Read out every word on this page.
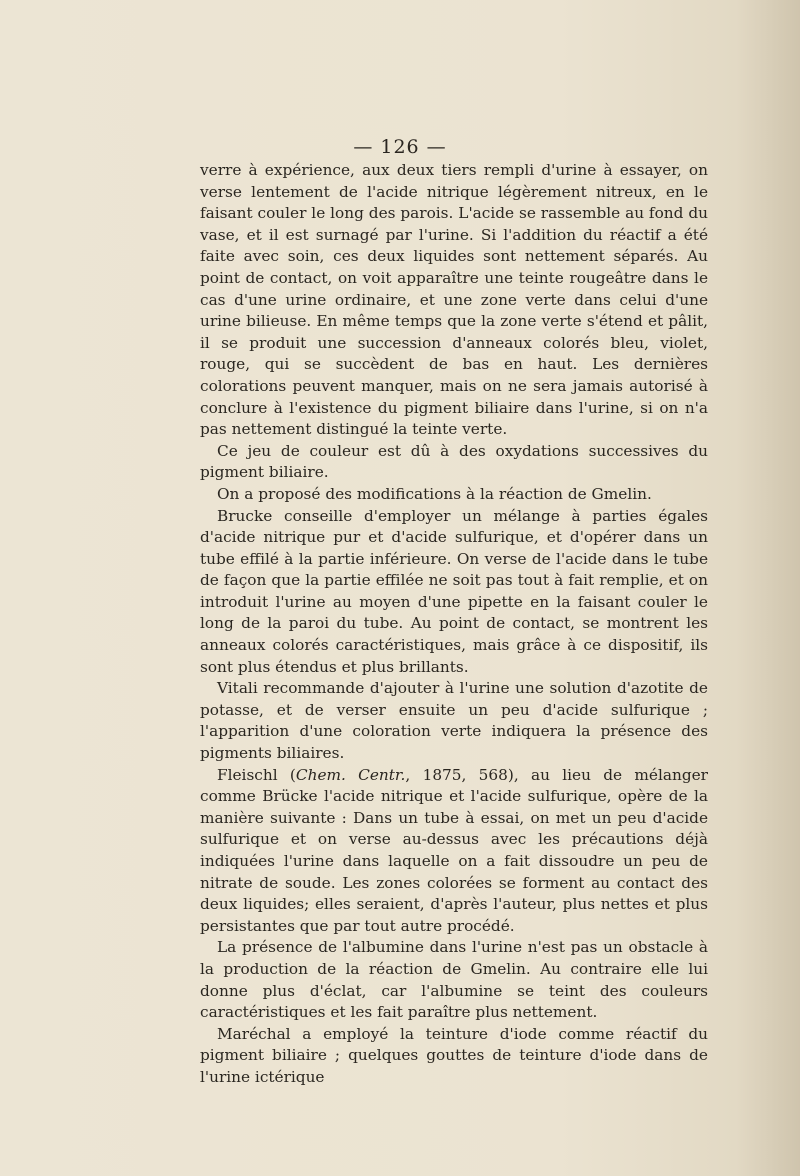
— 126 —

verre à expérience, aux deux tiers rempli d'urine à essayer, on verse lentement de l'acide nitrique légèrement nitreux, en le faisant couler le long des parois. L'acide se rassemble au fond du vase, et il est surnagé par l'urine. Si l'addition du réactif a été faite avec soin, ces deux liquides sont nettement séparés. Au point de contact, on voit apparaître une teinte rougeâtre dans le cas d'une urine ordinaire, et une zone verte dans celui d'une urine bilieuse. En même temps que la zone verte s'étend et pâlit, il se produit une succession d'anneaux colorés bleu, violet, rouge, qui se succèdent de bas en haut. Les dernières colorations peuvent manquer, mais on ne sera jamais autorisé à conclure à l'existence du pigment biliaire dans l'urine, si on n'a pas nettement distingué la teinte verte.

Ce jeu de couleur est dû à des oxydations successives du pigment biliaire.

On a proposé des modifications à la réaction de Gmelin.

Brucke conseille d'employer un mélange à parties égales d'acide nitrique pur et d'acide sulfurique, et d'opérer dans un tube effilé à la partie inférieure. On verse de l'acide dans le tube de façon que la partie effilée ne soit pas tout à fait remplie, et on introduit l'urine au moyen d'une pipette en la faisant couler le long de la paroi du tube. Au point de contact, se montrent les anneaux colorés caractéristiques, mais grâce à ce dispositif, ils sont plus étendus et plus brillants.

Vitali recommande d'ajouter à l'urine une solution d'azotite de potasse, et de verser ensuite un peu d'acide sulfurique ; l'apparition d'une coloration verte indiquera la présence des pigments biliaires.

Fleischl (Chem. Centr., 1875, 568), au lieu de mélanger comme Brücke l'acide nitrique et l'acide sulfurique, opère de la manière suivante : Dans un tube à essai, on met un peu d'acide sulfurique et on verse au-dessus avec les précautions déjà indiquées l'urine dans laquelle on a fait dissoudre un peu de nitrate de soude. Les zones colorées se forment au contact des deux liquides; elles seraient, d'après l'auteur, plus nettes et plus persistantes que par tout autre procédé.

La présence de l'albumine dans l'urine n'est pas un obstacle à la production de la réaction de Gmelin. Au contraire elle lui donne plus d'éclat, car l'albumine se teint des couleurs caractéristiques et les fait paraître plus nettement.

Maréchal a employé la teinture d'iode comme réactif du pigment biliaire ; quelques gouttes de teinture d'iode dans de l'urine ictérique
